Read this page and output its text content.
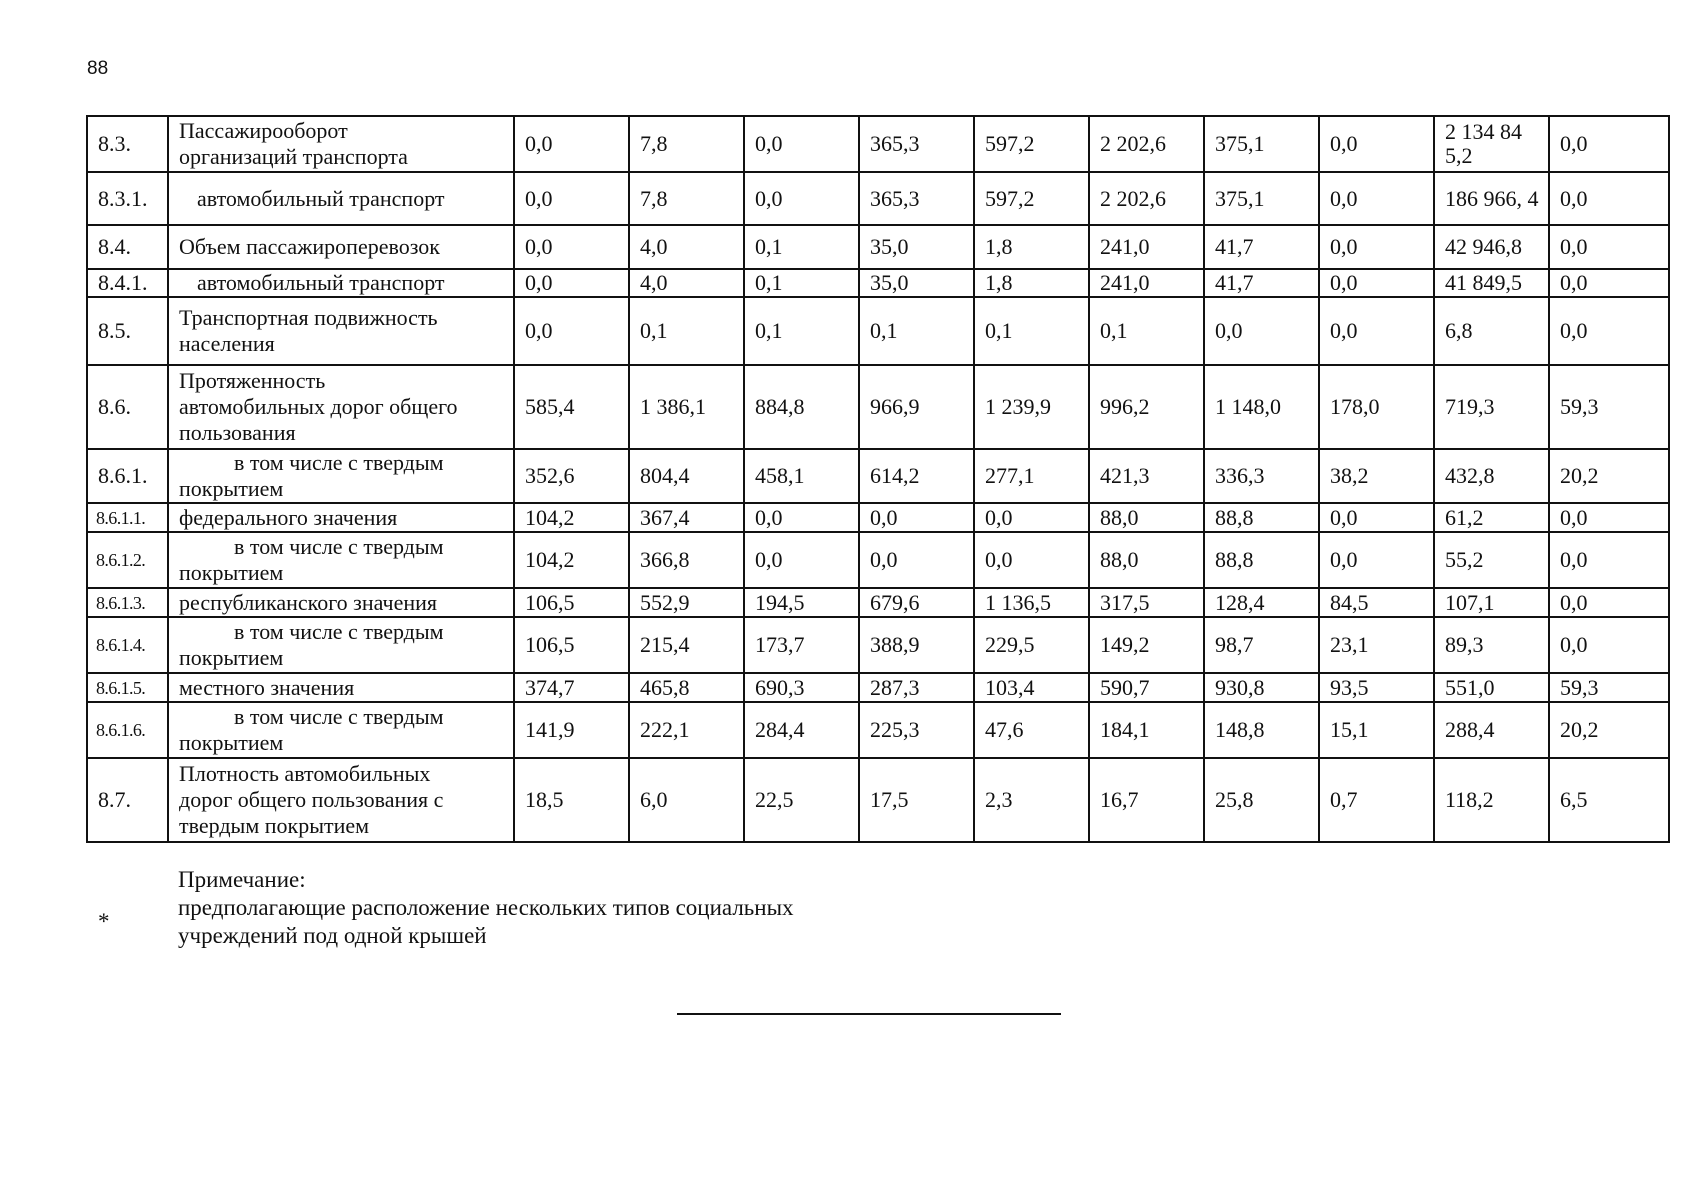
88
8.3.	Пассажирооборот
организаций транспорта	0,0	7,8	0,0	365,3	597,2	2 202,6	375,1	0,0	2 134 84 5,2	0,0
8.3.1.	автомобильный транспорт	0,0	7,8	0,0	365,3	597,2	2 202,6	375,1	0,0	186 966, 4	0,0
8.4.	Объем пассажироперевозок	0,0	4,0	0,1	35,0	1,8	241,0	41,7	0,0	42 946,8	0,0
8.4.1.	автомобильный транспорт	0,0	4,0	0,1	35,0	1,8	241,0	41,7	0,0	41 849,5	0,0
8.5.	Транспортная подвижность
населения	0,0	0,1	0,1	0,1	0,1	0,1	0,0	0,0	6,8	0,0
8.6.	Протяженность
автомобильных дорог общего
пользования	585,4	1 386,1	884,8	966,9	1 239,9	996,2	1 148,0	178,0	719,3	59,3
8.6.1.	в том числе с твердым
покрытием	352,6	804,4	458,1	614,2	277,1	421,3	336,3	38,2	432,8	20,2
8.6.1.1.	федерального значения	104,2	367,4	0,0	0,0	0,0	88,0	88,8	0,0	61,2	0,0
8.6.1.2.	в том числе с твердым
покрытием	104,2	366,8	0,0	0,0	0,0	88,0	88,8	0,0	55,2	0,0
8.6.1.3.	республиканского значения	106,5	552,9	194,5	679,6	1 136,5	317,5	128,4	84,5	107,1	0,0
8.6.1.4.	в том числе с твердым
покрытием	106,5	215,4	173,7	388,9	229,5	149,2	98,7	23,1	89,3	0,0
8.6.1.5.	местного значения	374,7	465,8	690,3	287,3	103,4	590,7	930,8	93,5	551,0	59,3
8.6.1.6.	в том числе с твердым
покрытием	141,9	222,1	284,4	225,3	47,6	184,1	148,8	15,1	288,4	20,2
8.7.	Плотность автомобильных
дорог общего пользования с
твердым покрытием	18,5	6,0	22,5	17,5	2,3	16,7	25,8	0,7	118,2	6,5
*
Примечание:
предполагающие расположение нескольких типов социальных
учреждений под одной крышей
